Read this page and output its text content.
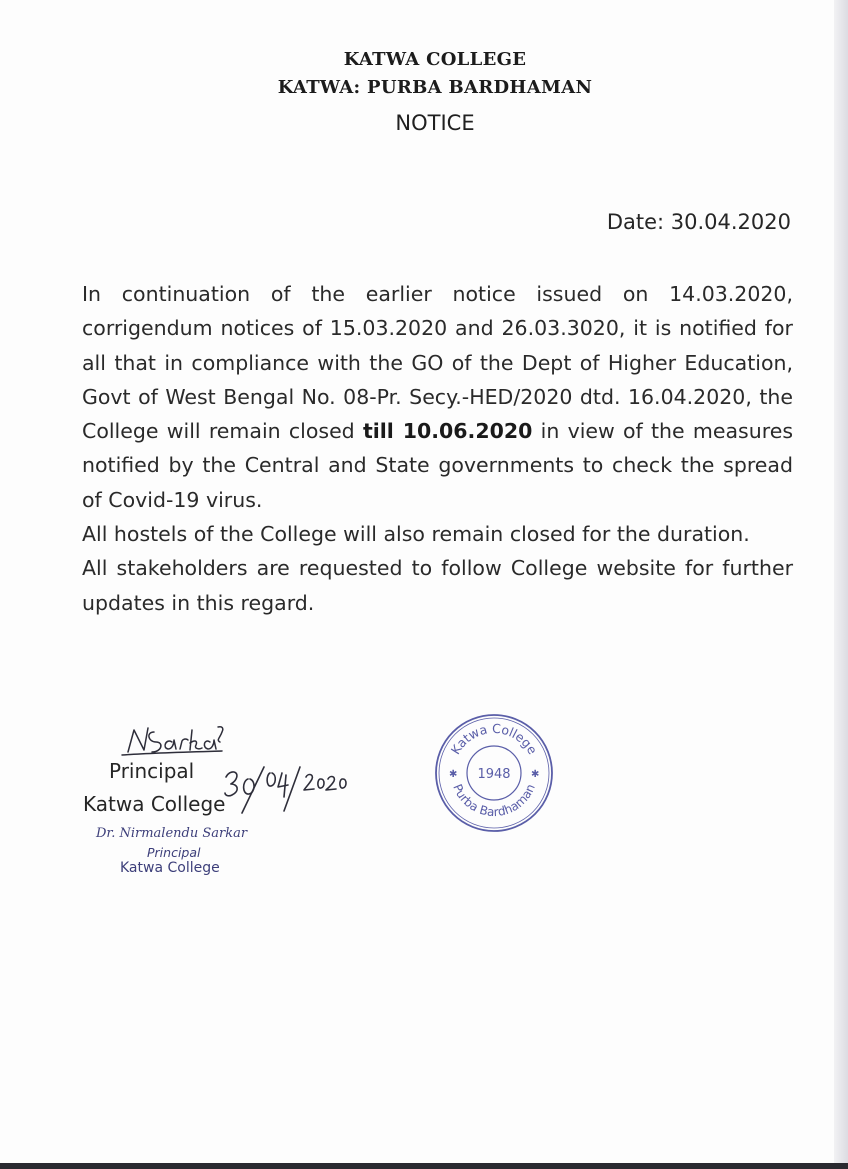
KATWA COLLEGE
KATWA: PURBA BARDHAMAN
NOTICE
Date: 30.04.2020

In continuation of the earlier notice issued on 14.03.2020, corrigendum notices of 15.03.2020 and 26.03.3020, it is notified for all that in compliance with the GO of the Dept of Higher Education, Govt of West Bengal No. 08-Pr. Secy.-HED/2020 dtd. 16.04.2020, the College will remain closed till 10.06.2020 in view of the measures notified by the Central and State governments to check the spread of Covid-19 virus.

All hostels of the College will also remain closed for the duration.

All stakeholders are requested to follow College website for further updates in this regard.

Principal
Katwa College
Dr. Nirmalendu Sarkar
Principal
Katwa College
Katwa College
Purba Bardhaman
✱	✱
1948
